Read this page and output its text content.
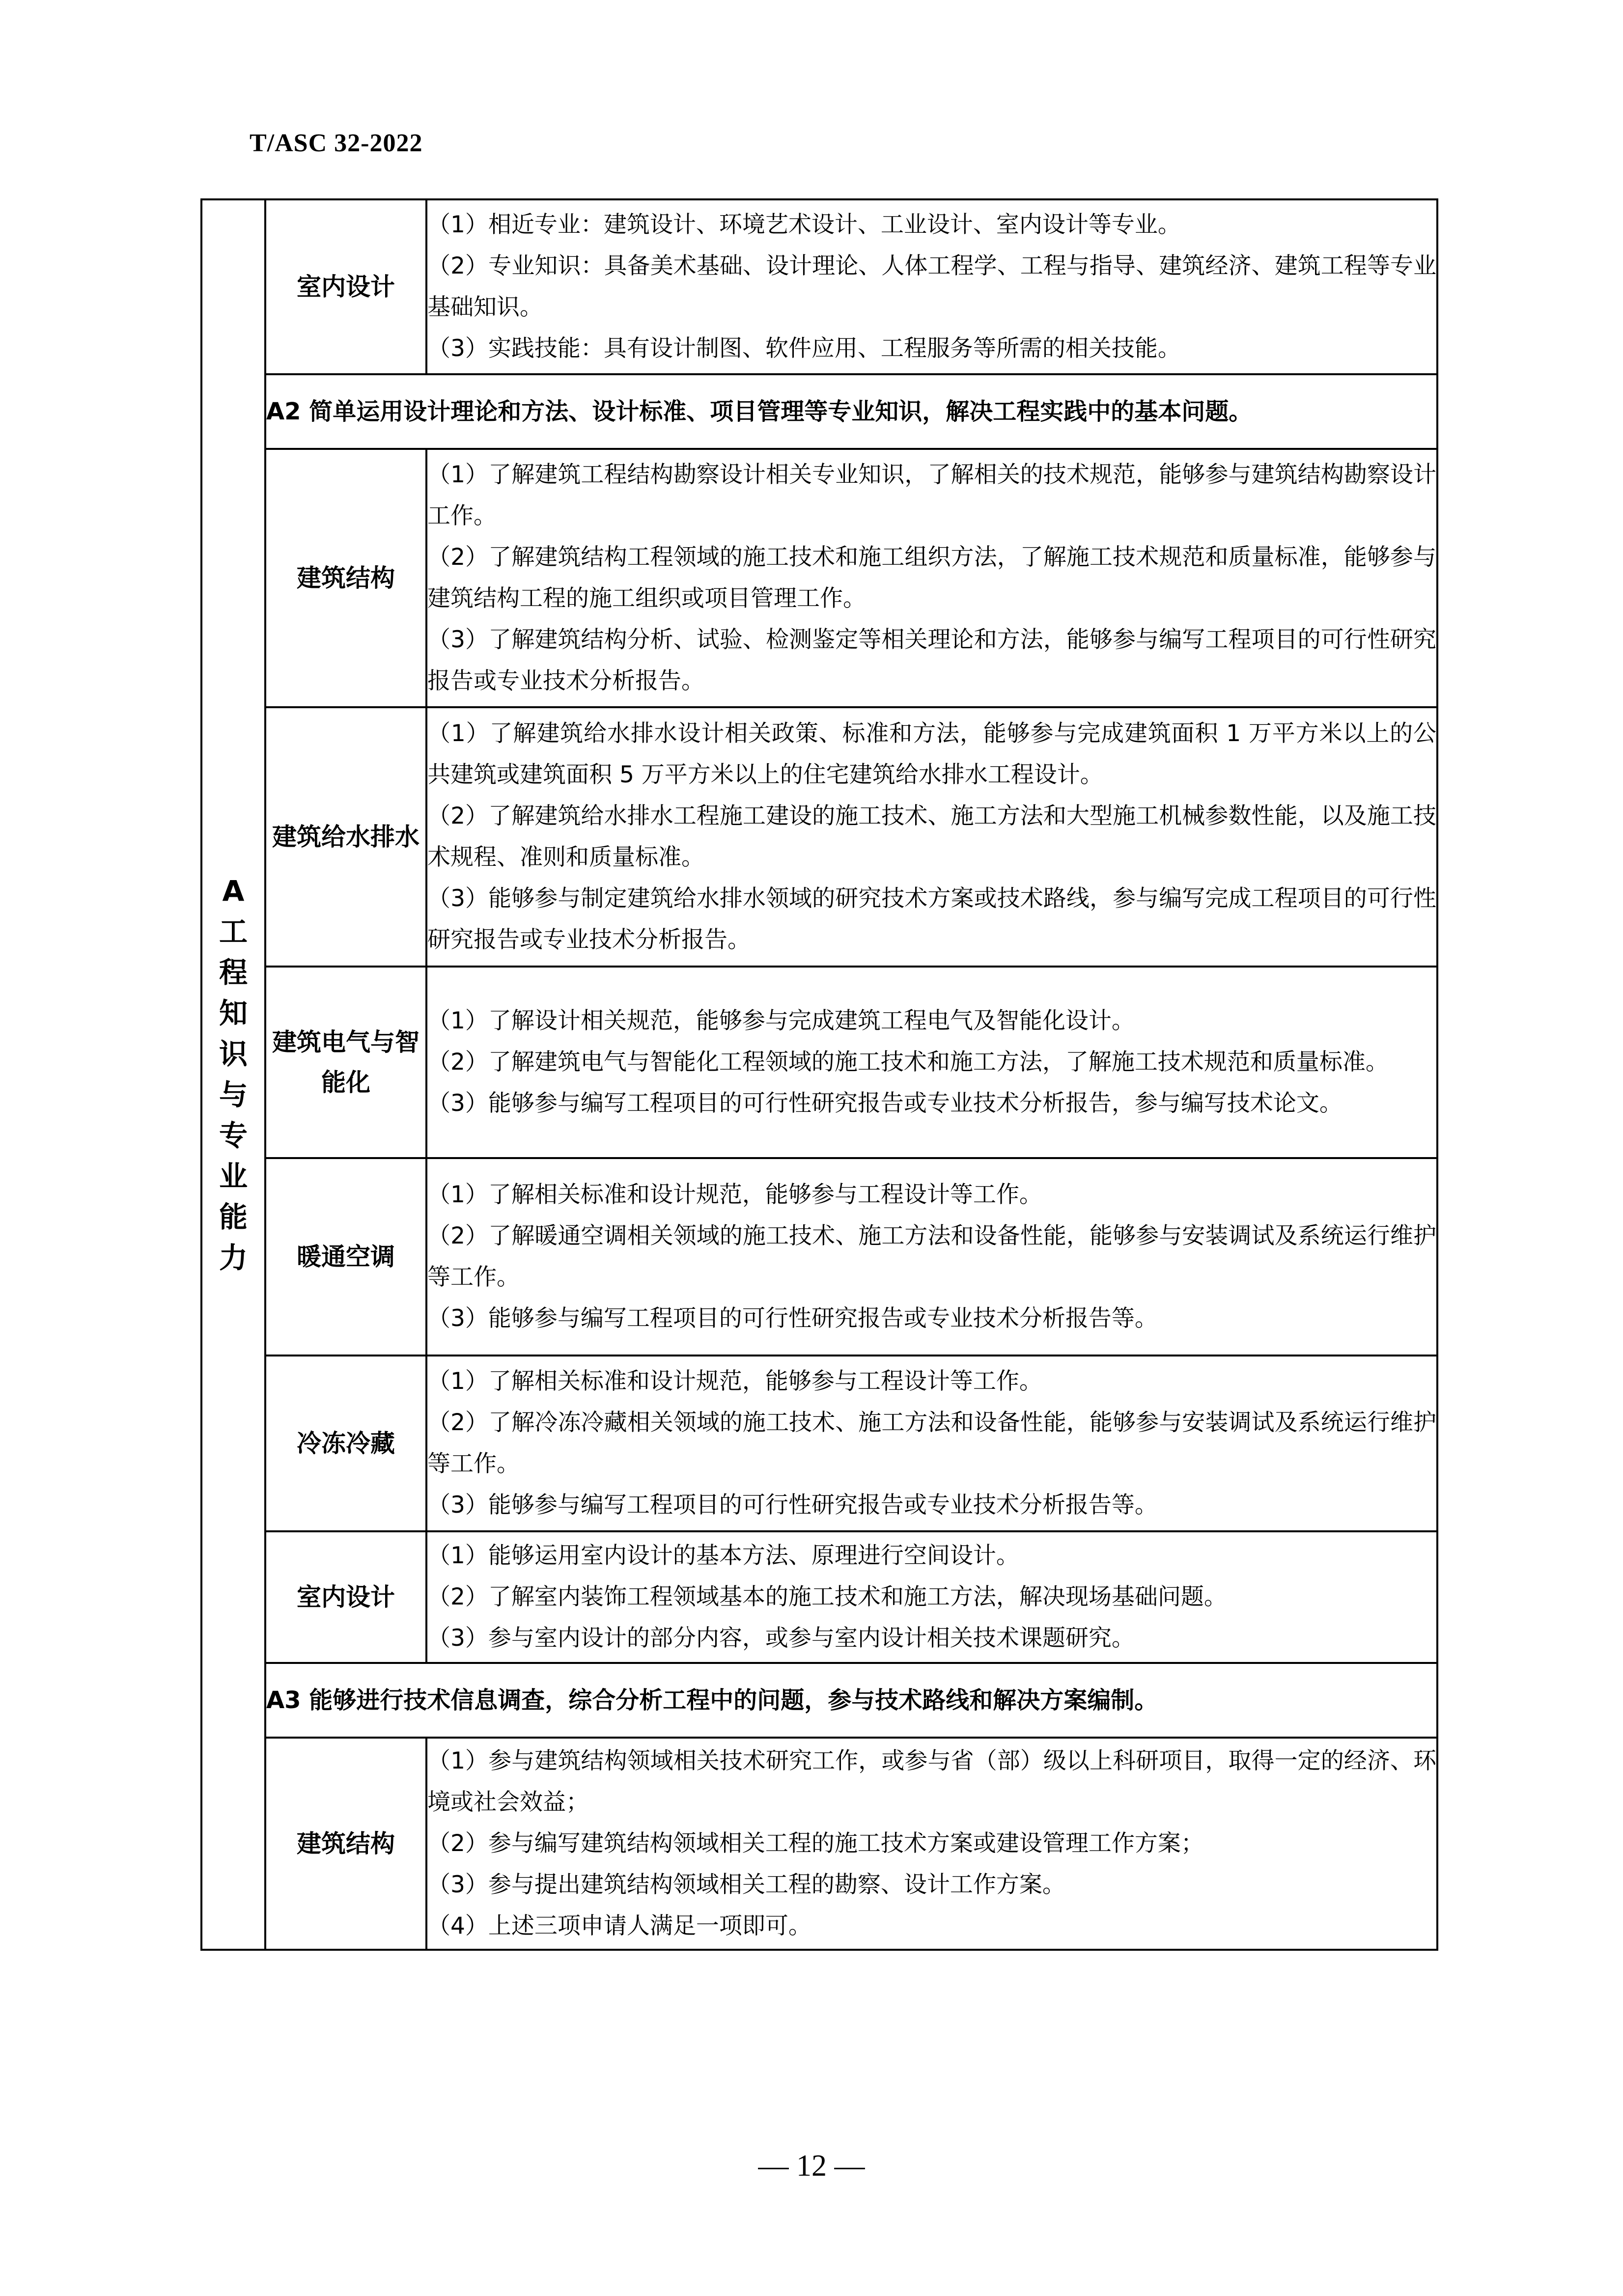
T/ASC 32-2022
A工程知识与专业能力	室内设计	（1）相近专业：建筑设计、环境艺术设计、工业设计、室内设计等专业。

（2）专业知识：具备美术基础、设计理论、人体工程学、工程与指导、建筑经济、建筑工程等专业基础知识。

（3）实践技能：具有设计制图、软件应用、工程服务等所需的相关技能。

	A2 简单运用设计理论和方法、设计标准、项目管理等专业知识，解决工程实践中的基本问题。	
	建筑结构	（1）了解建筑工程结构勘察设计相关专业知识，了解相关的技术规范，能够参与建筑结构勘察设计工作。

（2）了解建筑结构工程领域的施工技术和施工组织方法，了解施工技术规范和质量标准，能够参与建筑结构工程的施工组织或项目管理工作。

（3）了解建筑结构分析、试验、检测鉴定等相关理论和方法，能够参与编写工程项目的可行性研究报告或专业技术分析报告。

	建筑给水排水	（1）了解建筑给水排水设计相关政策、标准和方法，能够参与完成建筑面积 1 万平方米以上的公共建筑或建筑面积 5 万平方米以上的住宅建筑给水排水工程设计。

（2）了解建筑给水排水工程施工建设的施工技术、施工方法和大型施工机械参数性能，以及施工技术规程、准则和质量标准。

（3）能够参与制定建筑给水排水领域的研究技术方案或技术路线，参与编写完成工程项目的可行性研究报告或专业技术分析报告。

	建筑电气与智能化	（1）了解设计相关规范，能够参与完成建筑工程电气及智能化设计。

（2）了解建筑电气与智能化工程领域的施工技术和施工方法，了解施工技术规范和质量标准。

（3）能够参与编写工程项目的可行性研究报告或专业技术分析报告，参与编写技术论文。

	暖通空调	（1）了解相关标准和设计规范，能够参与工程设计等工作。

（2）了解暖通空调相关领域的施工技术、施工方法和设备性能，能够参与安装调试及系统运行维护等工作。

（3）能够参与编写工程项目的可行性研究报告或专业技术分析报告等。

	冷冻冷藏	（1）了解相关标准和设计规范，能够参与工程设计等工作。

（2）了解冷冻冷藏相关领域的施工技术、施工方法和设备性能，能够参与安装调试及系统运行维护等工作。

（3）能够参与编写工程项目的可行性研究报告或专业技术分析报告等。

	室内设计	（1）能够运用室内设计的基本方法、原理进行空间设计。

（2）了解室内装饰工程领域基本的施工技术和施工方法，解决现场基础问题。

（3）参与室内设计的部分内容，或参与室内设计相关技术课题研究。

	A3 能够进行技术信息调查，综合分析工程中的问题，参与技术路线和解决方案编制。	
	建筑结构	（1）参与建筑结构领域相关技术研究工作，或参与省（部）级以上科研项目，取得一定的经济、环境或社会效益；

（2）参与编写建筑结构领域相关工程的施工技术方案或建设管理工作方案；

（3）参与提出建筑结构领域相关工程的勘察、设计工作方案。

（4）上述三项申请人满足一项即可。

— 12 —
